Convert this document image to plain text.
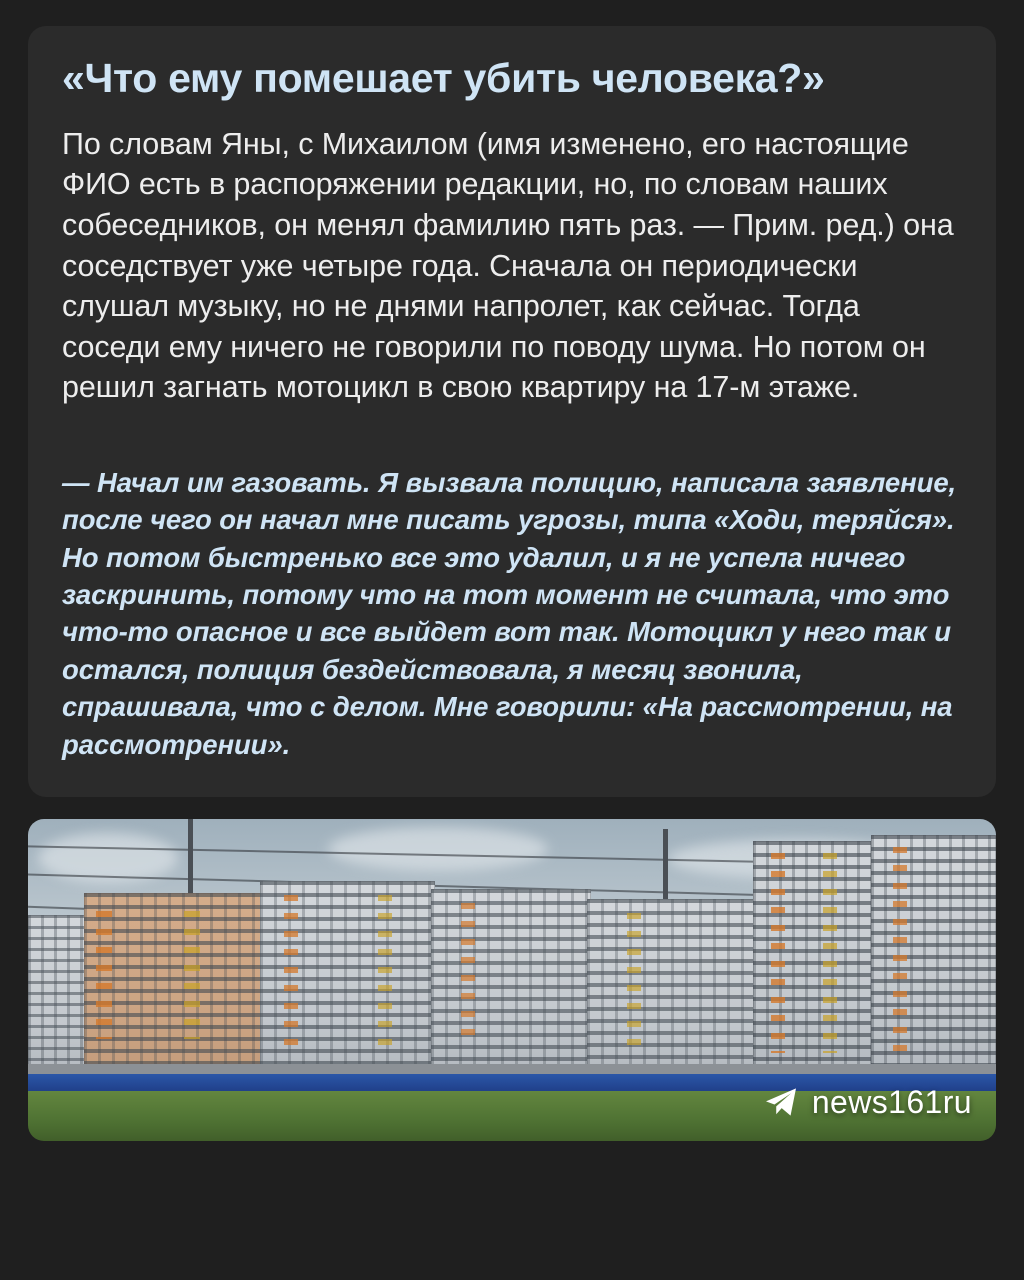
«Что ему помешает убить человека?»

По словам Яны, с Михаилом (имя изменено, его настоящие ФИО есть в распоряжении редакции, но, по словам наших собеседников, он менял фамилию пять раз. — Прим. ред.) она соседствует уже четыре года. Сначала он периодически слушал музыку, но не днями напролет, как сейчас. Тогда соседи ему ничего не говорили по поводу шума. Но потом он решил загнать мотоцикл в свою квартиру на 17-м этаже.

— Начал им газовать. Я вызвала полицию, написала заявление, после чего он начал мне писать угрозы, типа «Ходи, теряйся». Но потом быстренько все это удалил, и я не успела ничего заскринить, потому что на тот момент не считала, что это что-то опасное и все выйдет вот так. Мотоцикл у него так и остался, полиция бездействовала, я месяц звонила, спрашивала, что с делом. Мне говорили: «На рассмотрении, на рассмотрении».

news161ru
